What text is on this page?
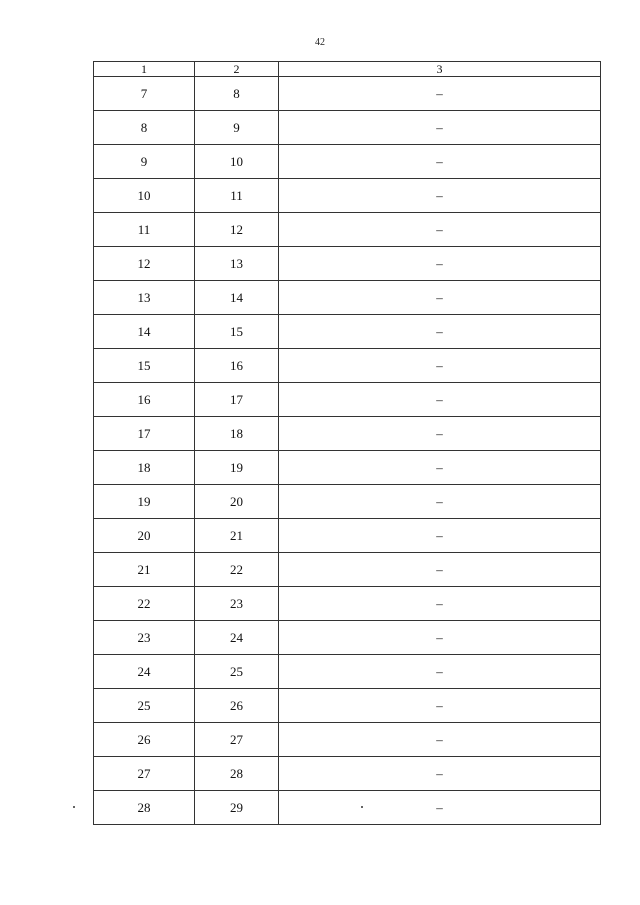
42
1	2	3
7	8	–
8	9	–
9	10	–
10	11	–
11	12	–
12	13	–
13	14	–
14	15	–
15	16	–
16	17	–
17	18	–
18	19	–
19	20	–
20	21	–
21	22	–
22	23	–
23	24	–
24	25	–
25	26	–
26	27	–
27	28	–
28	29	–
